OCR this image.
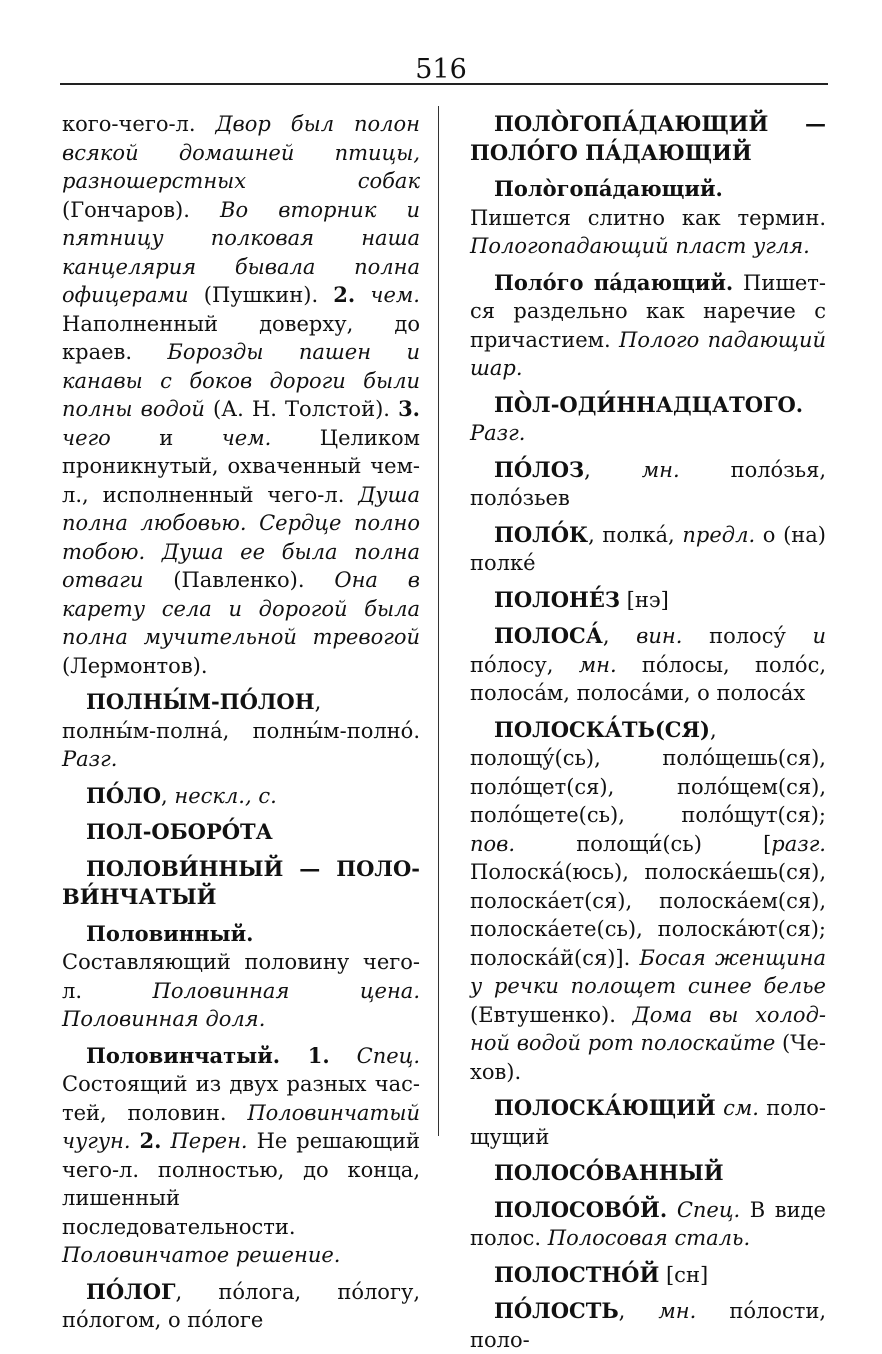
516

кого-чего-л. Двор был полон всякой домашней птицы, разношерстных собак (Гончаров). Во вторник и пятницу полковая наша канцелярия бывала полна офицерами (Пушкин). 2. чем. Наполненный доверху, до краев. Борозды пашен и канавы с боков дороги были полны водой (А. Н. Толстой). 3. чего и чем. Целиком проникнутый, охваченный чем-л., исполненный чего-л. Душа полна любовью. Сердце полно тобою. Душа ее была полна отваги (Павленко). Она в карету села и дорогой была полна мучительной тревогой (Лермонтов).

ПОЛНЫ́М-ПО́ЛОН, полны́м-полна́, полны́м-полно́. Разг.

ПО́ЛО, нескл., с.

ПОЛ-ОБОРО́ТА

ПОЛОВИ́ННЫЙ — ПОЛОВИ́НЧАТЫЙ

Половинный. Составляющий половину чего-л. Половинная цена. Половинная доля.

Половинчатый. 1. Спец. Состоящий из двух разных частей, половин. Половинчатый чугун. 2. Перен. Не решающий чего-л. полностью, до конца, лишенный последовательности. Половинчатое решение.

ПО́ЛОГ, по́лога, по́логу, по́логом, о по́логе

ПОЛО̀ГОПА́ДАЮЩИЙ — ПОЛО́ГО ПА́ДАЮЩИЙ

Поло̀гопа́дающий. Пишется слитно как термин. Пологопадающий пласт угля.

Поло́го па́дающий. Пишется раздельно как наречие с причастием. Полого падающий шар.

ПО̀Л-ОДИ́ННАДЦАТОГО. Разг.

ПО́ЛОЗ, мн. поло́зья, поло́зьев

ПОЛО́К, полка́, предл. о (на) полке́

ПОЛОНЕ́З [нэ]

ПОЛОСА́, вин. полосу́ и по́лосу, мн. по́лосы, поло́с, полоса́м, полоса́ми, о полоса́х

ПОЛОСКА́ТЬ(СЯ), полощу́(сь), поло́щешь(ся), поло́щет(ся), поло́щем(ся), поло́щете(сь), поло́щут(ся); пов. полощи́(сь) [разг. Полоска́(юсь), полоска́ешь(ся), полоска́ет(ся), полоска́ем(ся), полоска́ете(сь), полоска́ют(ся); полоска́й(ся)]. Босая женщина у речки полощет синее белье (Евтушенко). Дома вы холодной водой рот полоскайте (Чехов).

ПОЛОСКА́ЮЩИЙ см. полощущий

ПОЛОСО́ВАННЫЙ

ПОЛОСОВО́Й. Спец. В виде полос. Полосовая сталь.

ПОЛОСТНО́Й [сн]

ПО́ЛОСТЬ, мн. по́лости, поло-
